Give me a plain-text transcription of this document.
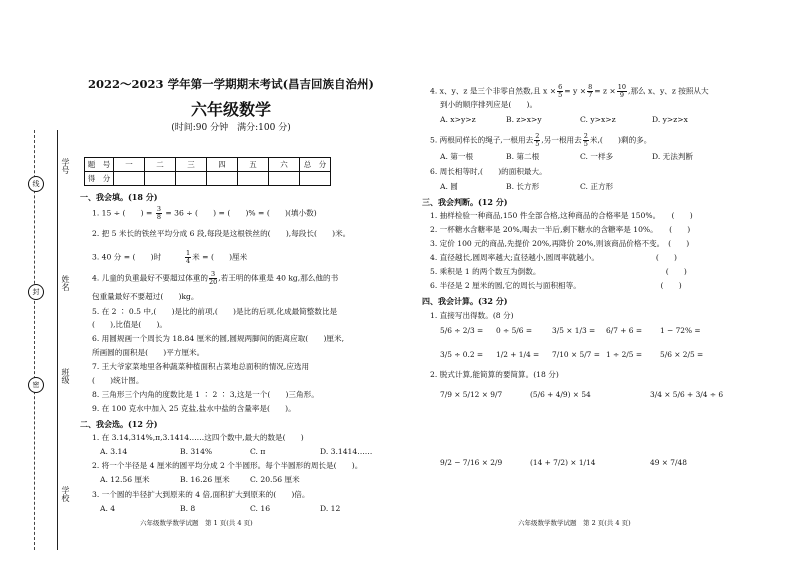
线
封
密
学号
姓名
班级
学校
2022～2023 学年第一学期期末考试(昌吉回族自治州)
六年级数学
(时间:90 分钟　满分:100 分)
题　号	一	二	三	四	五	六	总　分
得　分							
一、我会填。(18 分)
1. 15 ÷ (　　) = $\frac{3}{8} = 36$ ÷ (　　) = (　　)% = (　　)(填小数)
2. 把 5 米长的铁丝平均分成 6 段,每段是这根铁丝的(　　),每段长(　　)米。
3. 40 分 = (　　)时　　　	$\frac{1}{4}$ 米 = (　　)厘米
4. 儿童的负重最好不要超过体重的 $\frac{3}{20}$ ,若王明的体重是 40 kg,那么他的书
包重量最好不要超过(　　)kg。
5. 在 2 ∶ 0.5 中,(　　)是比的前项,(　　)是比的后项,化成最简整数比是
(　　),比值是(　　)。
6. 用圆规画一个周长为 18.84 厘米的圆,圆规两脚间的距离应取(　　)厘米,
所画圆的面积是(　　)平方厘米。
7. 王大爷家菜地里各种蔬菜种植面积占菜地总面积的情况,应选用
(　　)统计图。
8. 三角形三个内角的度数比是 1 ∶ 2 ∶ 3,这是一个(　　)三角形。
9. 在 100 克水中加入 25 克盐,盐水中盐的含量率是(　　)。
二、我会选。(12 分)
1. 在 3.14,314%,π,3.1414……这四个数中,最大的数是(　　)
A. 3.14	B. 314%	C. π	D. 3.1414……
2. 将一个半径是 4 厘米的圆平均分成 2 个半圆形。每个半圆形的周长是(　　)。
A. 12.56 厘米	B. 16.26 厘米	C. 20.56 厘米
3. 一个圆的半径扩大到原来的 4 倍,面积扩大到原来的(　　)倍。
A. 4	B. 8	C. 16	D. 12
六年级数学数学试题　第 1 页(共 4 页)
4. x、y、z 是三个非零自然数,且 $x \times \frac{6}{5} = y \times \frac{8}{7} = z \times \frac{10}{9}$ ,那么 x、y、z 按照从大
到小的顺序排列应是(　　)。
A. x>y>z	B. z>x>y	C. y>x>z	D. y>z>x
5. 两根同样长的绳子,一根用去 $\frac{2}{5}$ ,另一根用去 $\frac{2}{5}$ 米,(　　)剩的多。
A. 第一根	B. 第二根	C. 一样多	D. 无法判断
6. 周长相等时,(　　)的面积最大。
A. 圆	B. 长方形	C. 正方形
三、我会判断。(12 分)
1. 抽样检验一种商品,150 件全部合格,这种商品的合格率是 150%。　　(　　)
2. 一杯糖水含糖率是 20%,喝去一半后,剩下糖水的含糖率是 10%。　　(　　)
3. 定价 100 元的商品,先提价 20%,再降价 20%,则该商品价格不变。　(　　)
4. 直径越长,圆周率越大;直径越小,圆周率就越小。　　　　　　　　(　　)
5. 乘积是 1 的两个数互为倒数。　　　　　　　　　　　　　　　　　(　　)
6. 半径是 2 厘米的圆,它的周长与面积相等。　　　　　　　　　　　(　　)
四、我会计算。(32 分)
1. 直接写出得数。(8 分)
5/6 ÷ 2/3 = 0 ÷ 5/6 =	3/5 × 1/3 = 6/7 + 6 = 1 − 72% =
3/5 ÷ 0.2 = 1/2 + 1/4 = 7/10 × 5/7 = 1 ÷ 2/5 = 5/6 × 2/5 =
2. 脱式计算,能简算的要简算。(18 分)
7/9 × 5/12 × 9/7	(5/6 + 4/9) × 54	3/4 × 5/6 + 3/4 ÷ 6
9/2 − 7/16 × 2/9	(14 + 7/2) × 1/14	49 × 7/48
六年级数学数学试题　第 2 页(共 4 页)
